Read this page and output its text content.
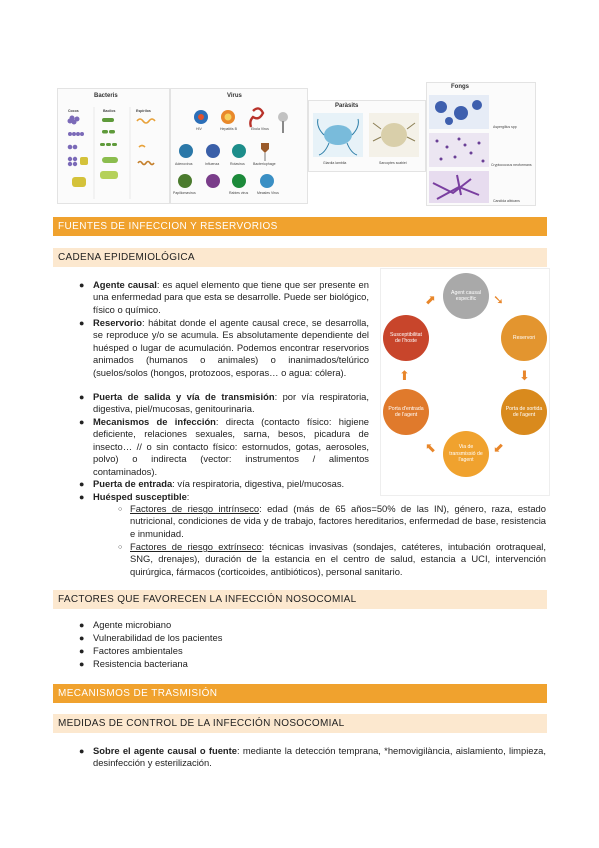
Bacteris
Cocos	Bacilos	Espirilos
Virus
HIV	Hepatitis B	Ebola Virus
Adenovirus	Influenza	Rotavirus Bacteriophage
Papillomavirus	Rabies virus Measles Virus
Paràsits
Giardia lamblia	Sarcoptes scabiei
Fongs
Aspergillus spp
Cryptococcus neoformans
Candida albicans
FUENTES DE INFECCION Y RESERVORIOS
CADENA EPIDEMIOLÓGICA
● Agente causal: es aquel elemento que tiene que ser presente en una enfermedad para que esta se desarrolle. Puede ser biológico, físico o químico.
● Reservorio: hábitat donde el agente causal crece, se desarrolla, se reproduce y/o se acumula. Es absolutamente dependiente del huésped o lugar de acumulación. Podemos encontrar reservorios animados (humanos o animales) o inanimados/telúrico (suelos/solos (hongos, protozoos, esporas… o agua: cólera).
● Puerta de salida y vía de transmisión: por vía respiratoria, digestiva, piel/mucosas, genitourinaria.
● Mecanismos de infección: directa (contacto físico: higiene deficiente, relaciones sexuales, sarna, besos, picadura de insecto… // o sin contacto físico: estornudos, gotas, aerosoles, polvo) o indirecta (vector: instrumentos / alimentos contaminados).
● Puerta de entrada: vía respiratoria, digestiva, piel/mucosas.
● Huésped susceptible:
○ Factores de riesgo intrínseco: edad (más de 65 años=50% de las IN), género, raza, estado nutricional, condiciones de vida y de trabajo, factores hereditarios, enfermedad de base, resistencia e inmunidad.
○ Factores de riesgo extrínseco: técnicas invasivas (sondajes, catéteres, intubación orotraqueal, SNG, drenajes), duración de la estancia en el centro de salud, estancia a UCI, intervención quirúrgica, fármacos (corticoides, antibióticos), personal sanitario.
Agent causal específic
Reservori
Porta de sortida de l'agent
Via de transmissió de l'agent
Porta d'entrada de l'agent
Susceptibilitat de l'hoste
➘
⬇
⬋
⬉
⬆
⬈
FACTORES QUE FAVORECEN LA INFECCIÓN NOSOCOMIAL
● Agente microbiano
● Vulnerabilidad de los pacientes
● Factores ambientales
● Resistencia bacteriana
MECANISMOS DE TRASMISIÓN
MEDIDAS DE CONTROL DE LA INFECCIÓN NOSOCOMIAL
● Sobre el agente causal o fuente: mediante la detección temprana, *hemovigilància, aislamiento, limpieza, desinfección y esterilización.
